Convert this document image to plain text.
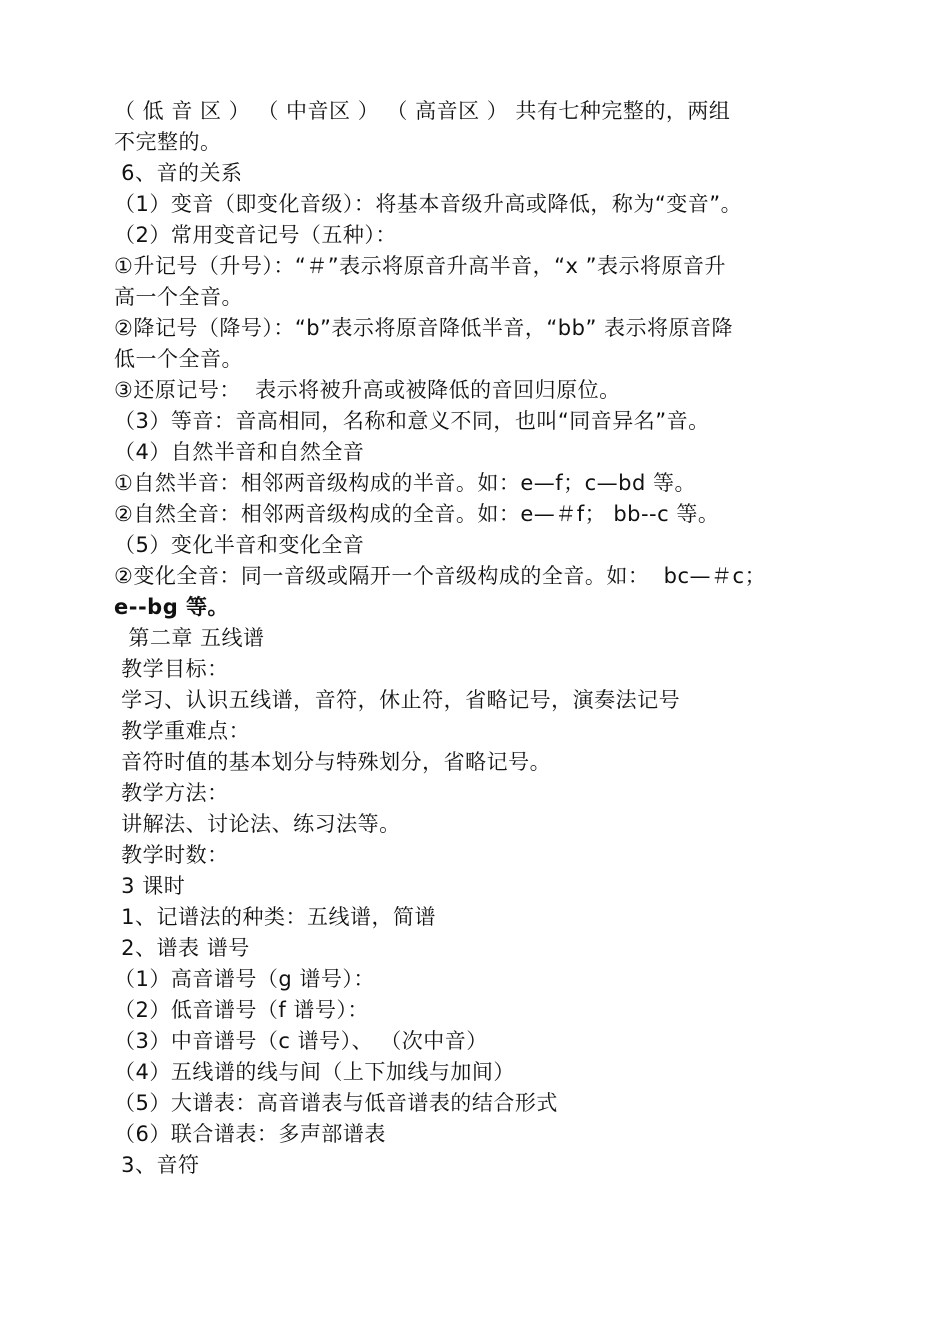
（ 低 音 区 ） （ 中音区 ） （ 高音区 ） 共有七种完整的，两组
不完整的。
6、音的关系
（1）变音（即变化音级）：将基本音级升高或降低，称为“变音”。
（2）常用变音记号（五种）：
①升记号（升号）：“＃”表示将原音升高半音，“x ”表示将原音升
高一个全音。
②降记号（降号）：“b”表示将原音降低半音，“bb” 表示将原音降
低一个全音。
③还原记号：  表示将被升高或被降低的音回归原位。
（3）等音：音高相同，名称和意义不同，也叫“同音异名”音。
（4）自然半音和自然全音
①自然半音：相邻两音级构成的半音。如：e—f；c—bd 等。
②自然全音：相邻两音级构成的全音。如：e—＃f； bb--c 等。
（5）变化半音和变化全音
②变化全音：同一音级或隔开一个音级构成的全音。如：  bc—＃c；
e--bg 等。
第二章 五线谱
教学目标：
学习、认识五线谱，音符，休止符，省略记号，演奏法记号
教学重难点：
音符时值的基本划分与特殊划分，省略记号。
教学方法：
讲解法、讨论法、练习法等。
教学时数：
3 课时
1、记谱法的种类：五线谱，简谱
2、谱表 谱号
（1）高音谱号（g 谱号）：
（2）低音谱号（f 谱号）：
（3）中音谱号（c 谱号）、 （次中音）
（4）五线谱的线与间（上下加线与加间）
（5）大谱表：高音谱表与低音谱表的结合形式
（6）联合谱表：多声部谱表
3、音符
